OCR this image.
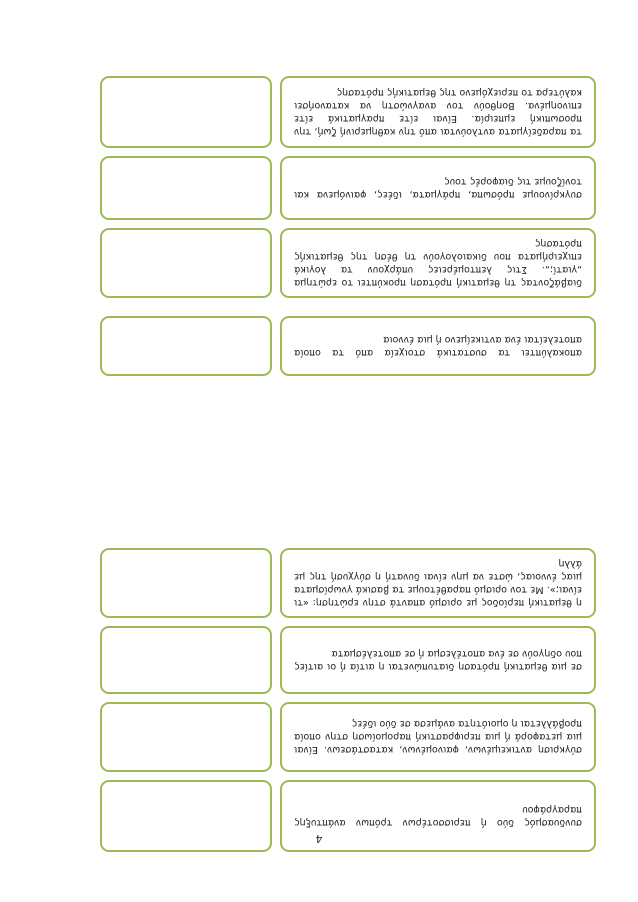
συνδυασμός δύο ή περισσοτέρων τρόπων ανάπτυξης παραγράφου
σύγκριση αντικειμένων, φαινομένων, καταστάσεων. Είναι μια μεταφορά ή μια περιφραστική παρομοίωση στην οποία προβάλλεται η ομοιότητα ανάμεσα σε δύο ιδέες
σε μια θεματική πρόταση διατυπώνεται η αιτία ή οι αιτίες που οδηγούν σε ένα αποτέλεσμα ή σε αποτελέσματα
η θεματική περίοδος με ορισμό απαντά στην ερώτηση: «τι είναι;». Με τον ορισμό παραθέτουμε τα βασικά γνωρίσματα μιας έννοιας, ώστε να μην είναι δυνατή η σύγχυσή της με άλλη
αποκαλύπτει τα συστατικά στοιχεία από τα οποία αποτελείται ένα αντικείμενο ή μια έννοια
διαβάζοντας τη θεματική πρόταση προκύπτει το ερώτημα „γιατί;„. Στις λεπτομέρειες υπάρχουν τα λογικά επιχειρήματα που δικαιολογούν τη θέση της θεματικής πρότασης
συγκρίνουμε πρόσωπα, πράγματα, ιδέες, φαινόμενα και τονίζουμε τις διαφορές τους
τα παραδείγματα αντλούνται από την καθημερινή ζωή, την προσωπική εμπειρία. Είναι είτε πραγματικά είτε επινοημένα. Βοηθούν τον αναγνώστη να κατανοήσει καλύτερα το περιεχόμενο της θεματικής πρότασης
4
